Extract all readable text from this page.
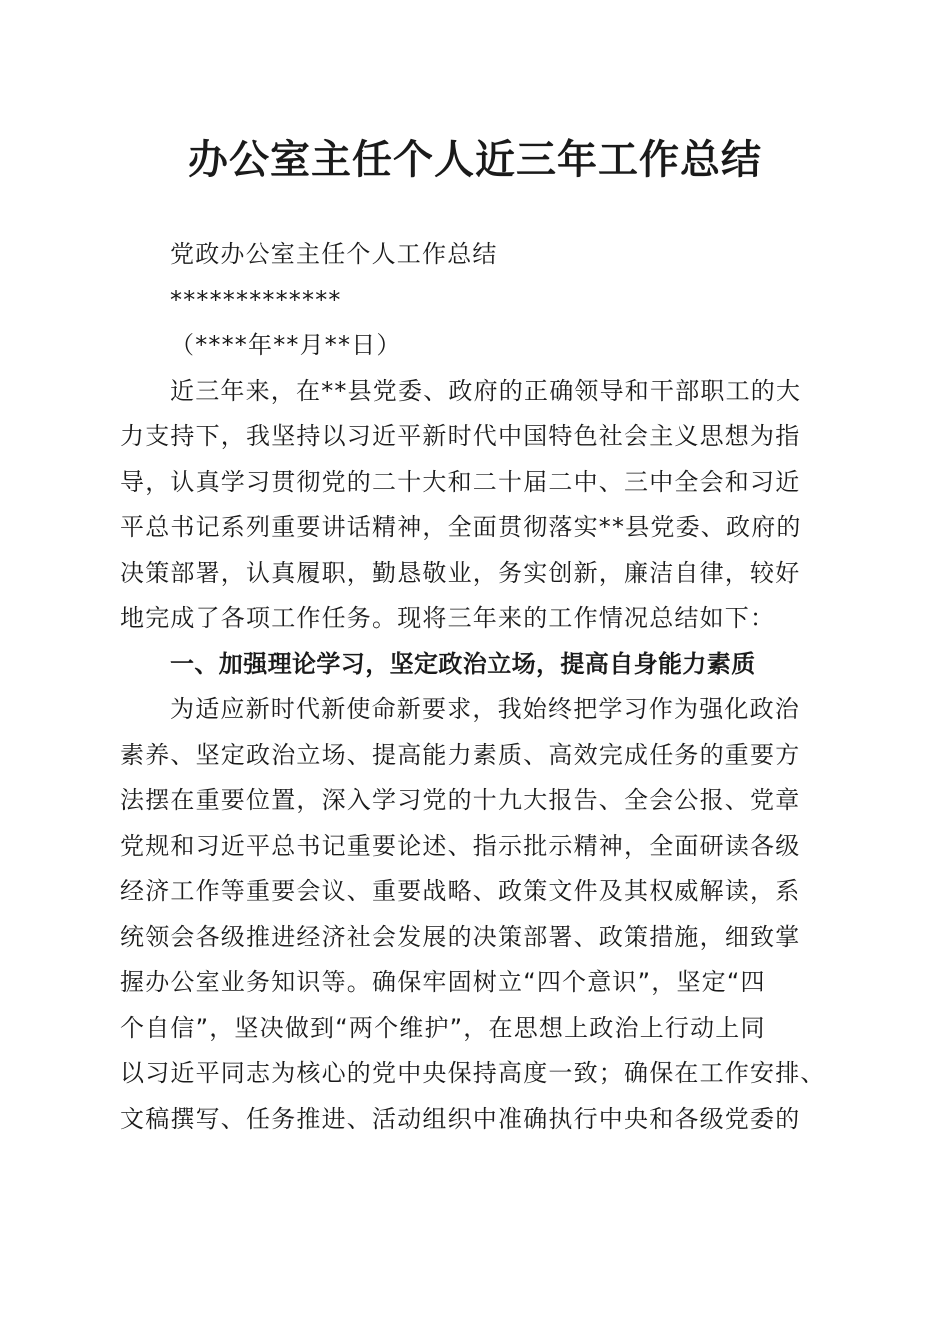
办公室主任个人近三年工作总结
党政办公室主任个人工作总结
*************
（****年**月**日）
近三年来，在**县党委、政府的正确领导和干部职工的大
力支持下，我坚持以习近平新时代中国特色社会主义思想为指
导，认真学习贯彻党的二十大和二十届二中、三中全会和习近
平总书记系列重要讲话精神，全面贯彻落实**县党委、政府的
决策部署，认真履职，勤恳敬业，务实创新，廉洁自律，较好
地完成了各项工作任务。现将三年来的工作情况总结如下：
一、加强理论学习，坚定政治立场，提高自身能力素质
为适应新时代新使命新要求，我始终把学习作为强化政治
素养、坚定政治立场、提高能力素质、高效完成任务的重要方
法摆在重要位置，深入学习党的十九大报告、全会公报、党章
党规和习近平总书记重要论述、指示批示精神，全面研读各级
经济工作等重要会议、重要战略、政策文件及其权威解读，系
统领会各级推进经济社会发展的决策部署、政策措施，细致掌
握办公室业务知识等。确保牢固树立“四个意识”，坚定“四
个自信”，坚决做到“两个维护”，在思想上政治上行动上同
以习近平同志为核心的党中央保持高度一致；确保在工作安排、
文稿撰写、任务推进、活动组织中准确执行中央和各级党委的
